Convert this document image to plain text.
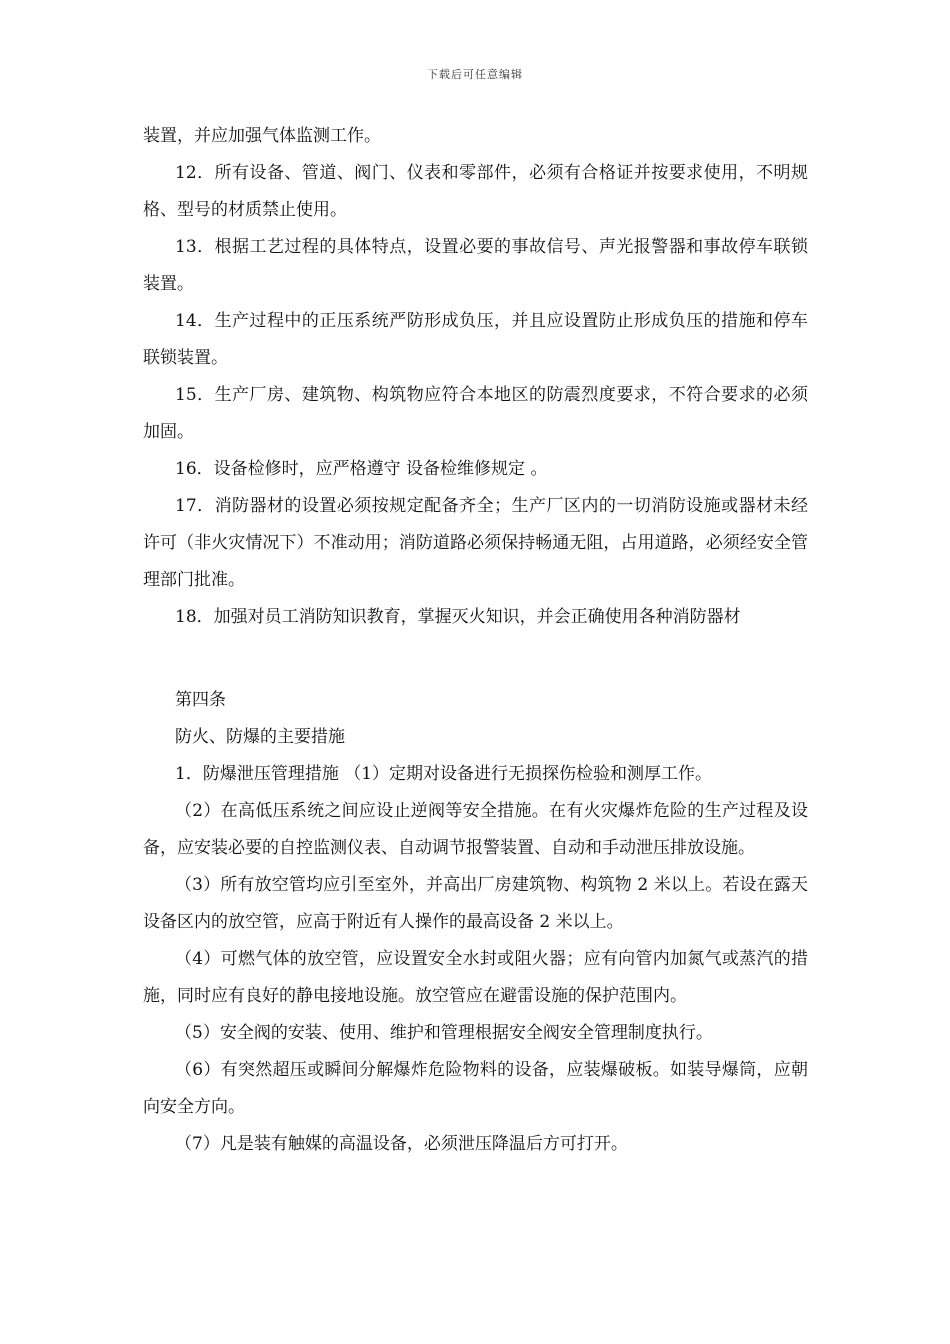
下载后可任意编辑

装置，并应加强气体监测工作。

12．所有设备、管道、阀门、仪表和零部件，必须有合格证并按要求使用，不明规格、型号的材质禁止使用。

13．根据工艺过程的具体特点，设置必要的事故信号、声光报警器和事故停车联锁装置。

14．生产过程中的正压系统严防形成负压，并且应设置防止形成负压的措施和停车联锁装置。

15．生产厂房、建筑物、构筑物应符合本地区的防震烈度要求，不符合要求的必须加固。

16．设备检修时，应严格遵守 设备检维修规定 。

17．消防器材的设置必须按规定配备齐全；生产厂区内的一切消防设施或器材未经许可（非火灾情况下）不准动用；消防道路必须保持畅通无阻，占用道路，必须经安全管理部门批准。

18．加强对员工消防知识教育，掌握灭火知识，并会正确使用各种消防器材

第四条

防火、防爆的主要措施

1．防爆泄压管理措施 （1）定期对设备进行无损探伤检验和测厚工作。

（2）在高低压系统之间应设止逆阀等安全措施。在有火灾爆炸危险的生产过程及设备，应安装必要的自控监测仪表、自动调节报警装置、自动和手动泄压排放设施。

（3）所有放空管均应引至室外，并高出厂房建筑物、构筑物 2 米以上。若设在露天设备区内的放空管，应高于附近有人操作的最高设备 2 米以上。

（4）可燃气体的放空管，应设置安全水封或阻火器；应有向管内加氮气或蒸汽的措施，同时应有良好的静电接地设施。放空管应在避雷设施的保护范围内。

（5）安全阀的安装、使用、维护和管理根据安全阀安全管理制度执行。

（6）有突然超压或瞬间分解爆炸危险物料的设备，应装爆破板。如装导爆筒，应朝向安全方向。

（7）凡是装有触媒的高温设备，必须泄压降温后方可打开。
